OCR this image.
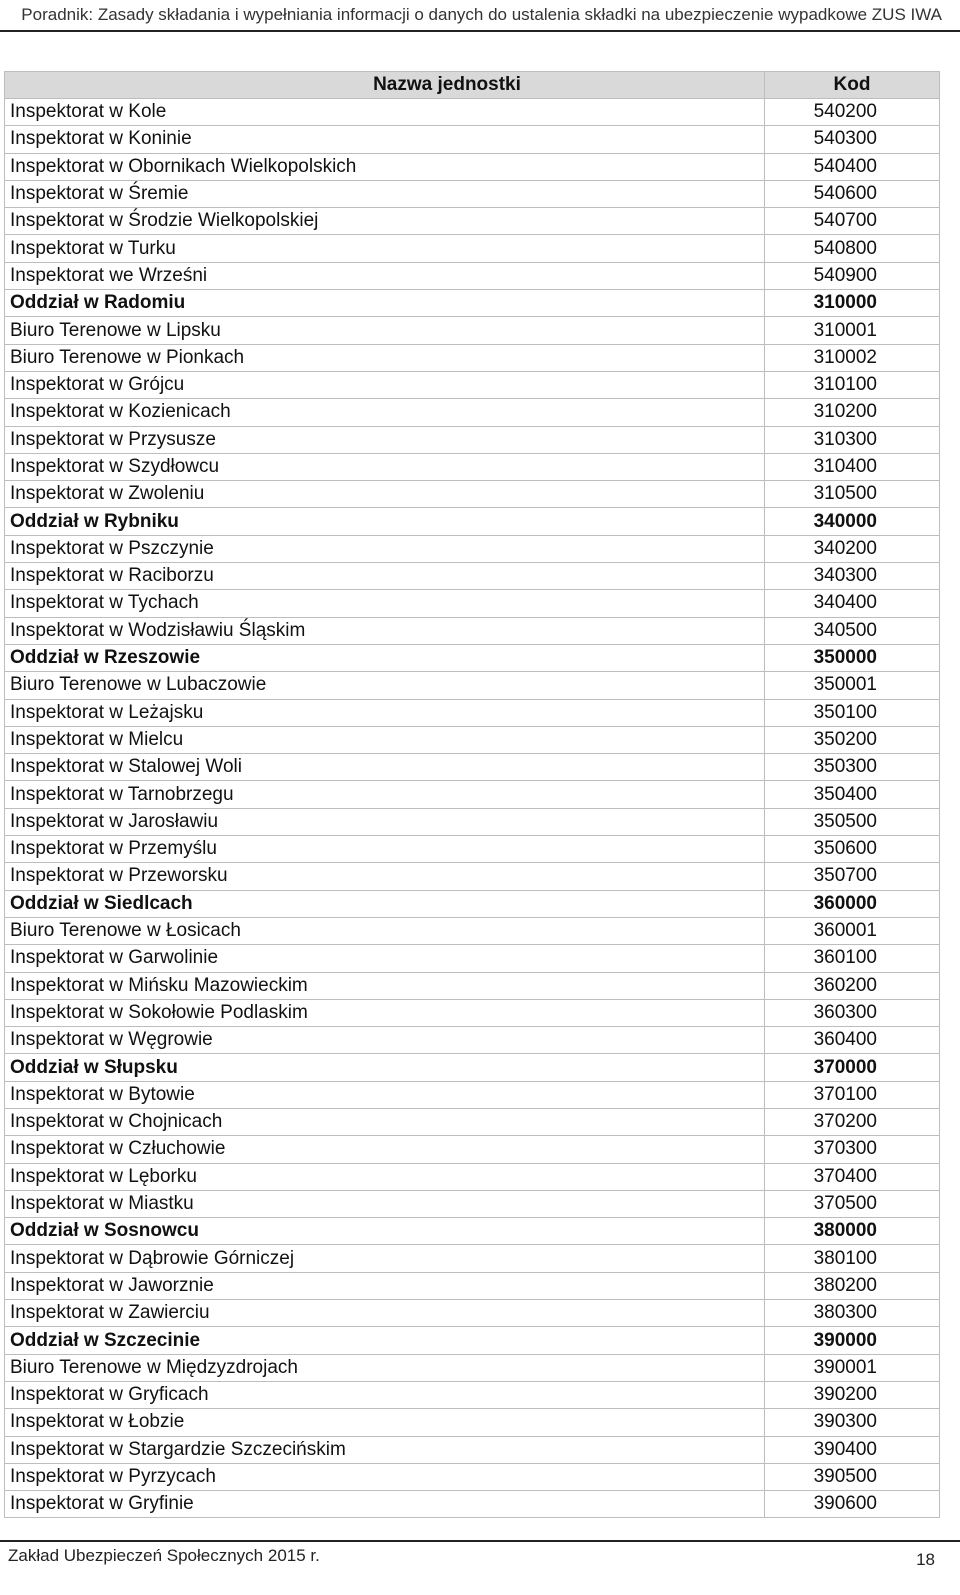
Poradnik: Zasady składania i wypełniania informacji o danych do ustalenia składki na ubezpieczenie wypadkowe ZUS IWA
Nazwa jednostki	Kod
Inspektorat w Kole	540200
Inspektorat w Koninie	540300
Inspektorat w Obornikach Wielkopolskich	540400
Inspektorat w Śremie	540600
Inspektorat w Środzie Wielkopolskiej	540700
Inspektorat w Turku	540800
Inspektorat we Wrześni	540900
Oddział w Radomiu	310000
Biuro Terenowe w Lipsku	310001
Biuro Terenowe w Pionkach	310002
Inspektorat w Grójcu	310100
Inspektorat w Kozienicach	310200
Inspektorat w Przysusze	310300
Inspektorat w Szydłowcu	310400
Inspektorat w Zwoleniu	310500
Oddział w Rybniku	340000
Inspektorat w Pszczynie	340200
Inspektorat w Raciborzu	340300
Inspektorat w Tychach	340400
Inspektorat w Wodzisławiu Śląskim	340500
Oddział w Rzeszowie	350000
Biuro Terenowe w Lubaczowie	350001
Inspektorat w Leżajsku	350100
Inspektorat w Mielcu	350200
Inspektorat w Stalowej Woli	350300
Inspektorat w Tarnobrzegu	350400
Inspektorat w Jarosławiu	350500
Inspektorat w Przemyślu	350600
Inspektorat w Przeworsku	350700
Oddział w Siedlcach	360000
Biuro Terenowe w Łosicach	360001
Inspektorat w Garwolinie	360100
Inspektorat w Mińsku Mazowieckim	360200
Inspektorat w Sokołowie Podlaskim	360300
Inspektorat w Węgrowie	360400
Oddział w Słupsku	370000
Inspektorat w Bytowie	370100
Inspektorat w Chojnicach	370200
Inspektorat w Człuchowie	370300
Inspektorat w Lęborku	370400
Inspektorat w Miastku	370500
Oddział w Sosnowcu	380000
Inspektorat w Dąbrowie Górniczej	380100
Inspektorat w Jaworznie	380200
Inspektorat w Zawierciu	380300
Oddział w Szczecinie	390000
Biuro Terenowe w Międzyzdrojach	390001
Inspektorat w Gryficach	390200
Inspektorat w Łobzie	390300
Inspektorat w Stargardzie Szczecińskim	390400
Inspektorat w Pyrzycach	390500
Inspektorat w Gryfinie	390600
Zakład Ubezpieczeń Społecznych 2015 r.	18
